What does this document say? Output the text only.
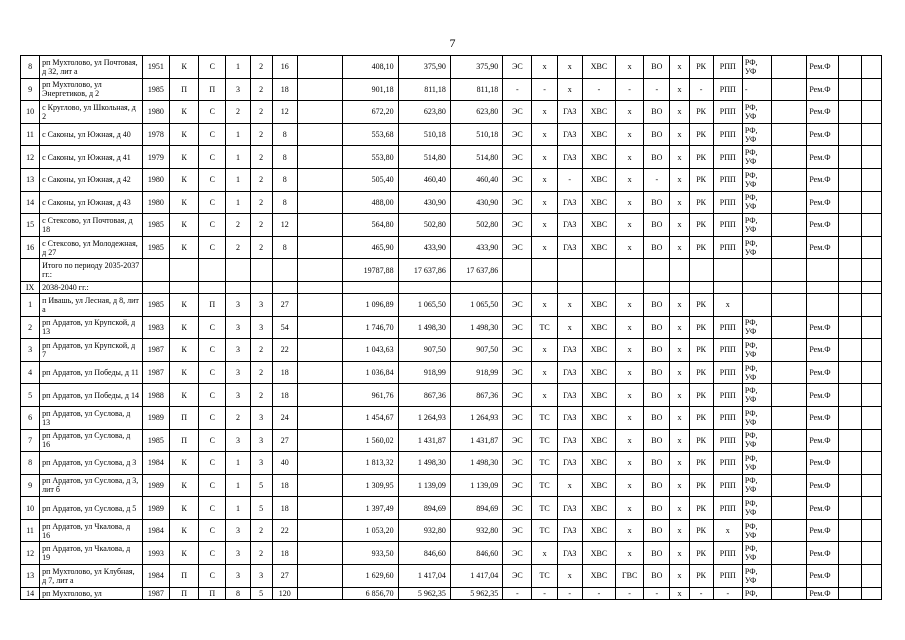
7
8	рп Мухтолово, ул Почтовая, д 32, лит а	1951	К	С	1	2	16		408,10	375,90	375,90	ЭС	х	х	ХВС	х	ВО	х	РК	РПП	РФ, УФ		Рем.Ф		
9	рп Мухтолово, ул Энергетиков, д 2	1985	П	П	3	2	18		901,18	811,18	811,18	-	-	х	-	-	-	х	-	РПП	-		Рем.Ф		
10	с Круглово, ул Школьная, д 2	1980	К	С	2	2	12		672,20	623,80	623,80	ЭС	х	ГАЗ	ХВС	х	ВО	х	РК	РПП	РФ, УФ		Рем.Ф		
11	с Саконы, ул Южная, д 40	1978	К	С	1	2	8		553,68	510,18	510,18	ЭС	х	ГАЗ	ХВС	х	ВО	х	РК	РПП	РФ, УФ		Рем.Ф		
12	с Саконы, ул Южная, д 41	1979	К	С	1	2	8		553,80	514,80	514,80	ЭС	х	ГАЗ	ХВС	х	ВО	х	РК	РПП	РФ, УФ		Рем.Ф		
13	с Саконы, ул Южная, д 42	1980	К	С	1	2	8		505,40	460,40	460,40	ЭС	х	-	ХВС	х	-	х	РК	РПП	РФ, УФ		Рем.Ф		
14	с Саконы, ул Южная, д 43	1980	К	С	1	2	8		488,00	430,90	430,90	ЭС	х	ГАЗ	ХВС	х	ВО	х	РК	РПП	РФ, УФ		Рем.Ф		
15	с Стексово, ул Почтовая, д 18	1985	К	С	2	2	12		564,80	502,80	502,80	ЭС	х	ГАЗ	ХВС	х	ВО	х	РК	РПП	РФ, УФ		Рем.Ф		
16	с Стексово, ул Молодежная, д 27	1985	К	С	2	2	8		465,90	433,90	433,90	ЭС	х	ГАЗ	ХВС	х	ВО	х	РК	РПП	РФ, УФ		Рем.Ф		
	Итого по периоду 2035-2037 гг.:								19787,88	17 637,86	17 637,86														
IX	2038-2040 гг.:																								
1	п Ивашь, ул Лесная, д 8, лит а	1985	К	П	3	3	27		1 096,89	1 065,50	1 065,50	ЭС	х	х	ХВС	х	ВО	х	РК	х					
2	рп Ардатов, ул Крупской, д 13	1983	К	С	3	3	54		1 746,70	1 498,30	1 498,30	ЭС	ТС	х	ХВС	х	ВО	х	РК	РПП	РФ, УФ		Рем.Ф		
3	рп Ардатов, ул Крупской, д 7	1987	К	С	3	2	22		1 043,63	907,50	907,50	ЭС	х	ГАЗ	ХВС	х	ВО	х	РК	РПП	РФ, УФ		Рем.Ф		
4	рп Ардатов, ул Победы, д 11	1987	К	С	3	2	18		1 036,84	918,99	918,99	ЭС	х	ГАЗ	ХВС	х	ВО	х	РК	РПП	РФ, УФ		Рем.Ф		
5	рп Ардатов, ул Победы, д 14	1988	К	С	3	2	18		961,76	867,36	867,36	ЭС	х	ГАЗ	ХВС	х	ВО	х	РК	РПП	РФ, УФ		Рем.Ф		
6	рп Ардатов, ул Суслова, д 13	1989	П	С	2	3	24		1 454,67	1 264,93	1 264,93	ЭС	ТС	ГАЗ	ХВС	х	ВО	х	РК	РПП	РФ, УФ		Рем.Ф		
7	рп Ардатов, ул Суслова, д 16	1985	П	С	3	3	27		1 560,02	1 431,87	1 431,87	ЭС	ТС	ГАЗ	ХВС	х	ВО	х	РК	РПП	РФ, УФ		Рем.Ф		
8	рп Ардатов, ул Суслова, д 3	1984	К	С	1	3	40		1 813,32	1 498,30	1 498,30	ЭС	ТС	ГАЗ	ХВС	х	ВО	х	РК	РПП	РФ, УФ		Рем.Ф		
9	рп Ардатов, ул Суслова, д 3, лит б	1989	К	С	1	5	18		1 309,95	1 139,09	1 139,09	ЭС	ТС	х	ХВС	х	ВО	х	РК	РПП	РФ, УФ		Рем.Ф		
10	рп Ардатов, ул Суслова, д 5	1989	К	С	1	5	18		1 397,49	894,69	894,69	ЭС	ТС	ГАЗ	ХВС	х	ВО	х	РК	РПП	РФ, УФ		Рем.Ф		
11	рп Ардатов, ул Чкалова, д 16	1984	К	С	3	2	22		1 053,20	932,80	932,80	ЭС	ТС	ГАЗ	ХВС	х	ВО	х	РК	х	РФ, УФ		Рем.Ф		
12	рп Ардатов, ул Чкалова, д 19	1993	К	С	3	2	18		933,50	846,60	846,60	ЭС	х	ГАЗ	ХВС	х	ВО	х	РК	РПП	РФ, УФ		Рем.Ф		
13	рп Мухтолово, ул Клубная, д 7, лит а	1984	П	С	3	3	27		1 629,60	1 417,04	1 417,04	ЭС	ТС	х	ХВС	ГВС	ВО	х	РК	РПП	РФ, УФ		Рем.Ф		
14	рп Мухтолово, ул	1987	П	П	8	5	120		6 856,70	5 962,35	5 962,35	-	-	-	-	-	-	х	-	-	РФ,		Рем.Ф		
